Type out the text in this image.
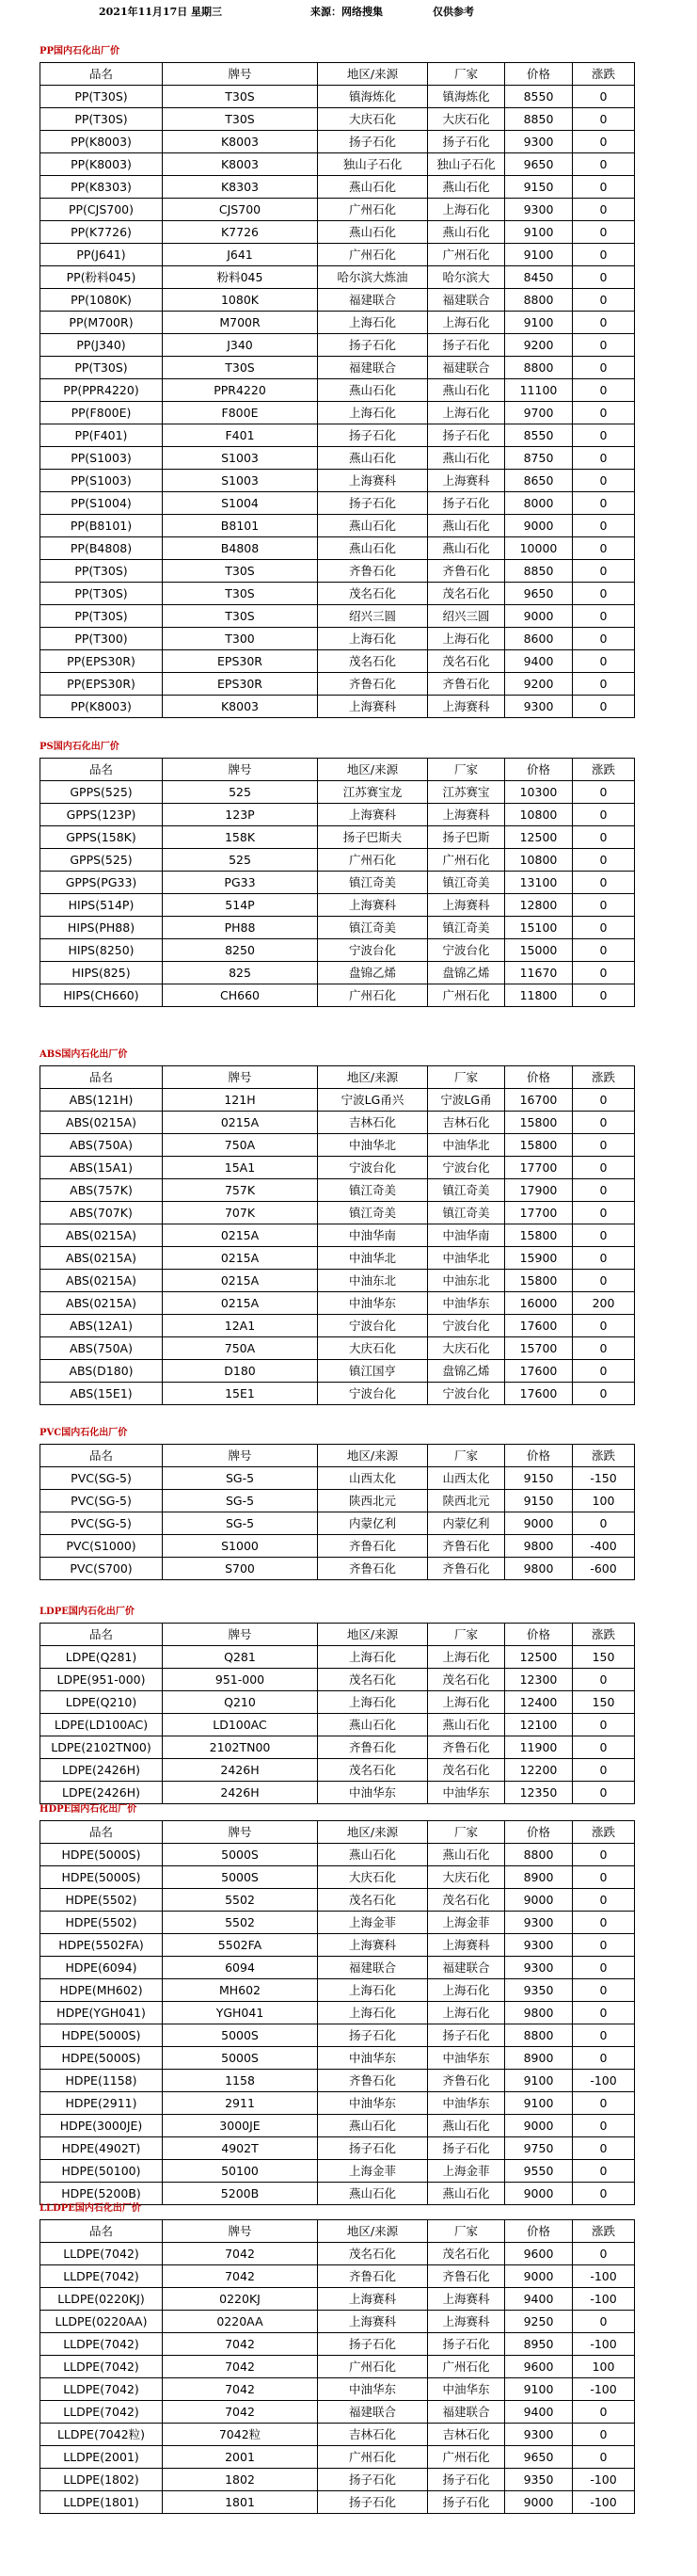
2021年11月17日 星期三	来源：网络搜集	仅供参考
PP国内石化出厂价
品名	牌号	地区/来源	厂家	价格	涨跌
PP(T30S)	T30S	镇海炼化	镇海炼化	8550	0
PP(T30S)	T30S	大庆石化	大庆石化	8850	0
PP(K8003)	K8003	扬子石化	扬子石化	9300	0
PP(K8003)	K8003	独山子石化	独山子石化	9650	0
PP(K8303)	K8303	燕山石化	燕山石化	9150	0
PP(CJS700)	CJS700	广州石化	上海石化	9300	0
PP(K7726)	K7726	燕山石化	燕山石化	9100	0
PP(J641)	J641	广州石化	广州石化	9100	0
PP(粉料045)	粉料045	哈尔滨大炼油	哈尔滨大	8450	0
PP(1080K)	1080K	福建联合	福建联合	8800	0
PP(M700R)	M700R	上海石化	上海石化	9100	0
PP(J340)	J340	扬子石化	扬子石化	9200	0
PP(T30S)	T30S	福建联合	福建联合	8800	0
PP(PPR4220)	PPR4220	燕山石化	燕山石化	11100	0
PP(F800E)	F800E	上海石化	上海石化	9700	0
PP(F401)	F401	扬子石化	扬子石化	8550	0
PP(S1003)	S1003	燕山石化	燕山石化	8750	0
PP(S1003)	S1003	上海赛科	上海赛科	8650	0
PP(S1004)	S1004	扬子石化	扬子石化	8000	0
PP(B8101)	B8101	燕山石化	燕山石化	9000	0
PP(B4808)	B4808	燕山石化	燕山石化	10000	0
PP(T30S)	T30S	齐鲁石化	齐鲁石化	8850	0
PP(T30S)	T30S	茂名石化	茂名石化	9650	0
PP(T30S)	T30S	绍兴三圆	绍兴三圆	9000	0
PP(T300)	T300	上海石化	上海石化	8600	0
PP(EPS30R)	EPS30R	茂名石化	茂名石化	9400	0
PP(EPS30R)	EPS30R	齐鲁石化	齐鲁石化	9200	0
PP(K8003)	K8003	上海赛科	上海赛科	9300	0
PS国内石化出厂价
品名	牌号	地区/来源	厂家	价格	涨跌
GPPS(525)	525	江苏赛宝龙	江苏赛宝	10300	0
GPPS(123P)	123P	上海赛科	上海赛科	10800	0
GPPS(158K)	158K	扬子巴斯夫	扬子巴斯	12500	0
GPPS(525)	525	广州石化	广州石化	10800	0
GPPS(PG33)	PG33	镇江奇美	镇江奇美	13100	0
HIPS(514P)	514P	上海赛科	上海赛科	12800	0
HIPS(PH88)	PH88	镇江奇美	镇江奇美	15100	0
HIPS(8250)	8250	宁波台化	宁波台化	15000	0
HIPS(825)	825	盘锦乙烯	盘锦乙烯	11670	0
HIPS(CH660)	CH660	广州石化	广州石化	11800	0
ABS国内石化出厂价
品名	牌号	地区/来源	厂家	价格	涨跌
ABS(121H)	121H	宁波LG甬兴	宁波LG甬	16700	0
ABS(0215A)	0215A	吉林石化	吉林石化	15800	0
ABS(750A)	750A	中油华北	中油华北	15800	0
ABS(15A1)	15A1	宁波台化	宁波台化	17700	0
ABS(757K)	757K	镇江奇美	镇江奇美	17900	0
ABS(707K)	707K	镇江奇美	镇江奇美	17700	0
ABS(0215A)	0215A	中油华南	中油华南	15800	0
ABS(0215A)	0215A	中油华北	中油华北	15900	0
ABS(0215A)	0215A	中油东北	中油东北	15800	0
ABS(0215A)	0215A	中油华东	中油华东	16000	200
ABS(12A1)	12A1	宁波台化	宁波台化	17600	0
ABS(750A)	750A	大庆石化	大庆石化	15700	0
ABS(D180)	D180	镇江国亨	盘锦乙烯	17600	0
ABS(15E1)	15E1	宁波台化	宁波台化	17600	0
PVC国内石化出厂价
品名	牌号	地区/来源	厂家	价格	涨跌
PVC(SG-5)	SG-5	山西太化	山西太化	9150	-150
PVC(SG-5)	SG-5	陕西北元	陕西北元	9150	100
PVC(SG-5)	SG-5	内蒙亿利	内蒙亿利	9000	0
PVC(S1000)	S1000	齐鲁石化	齐鲁石化	9800	-400
PVC(S700)	S700	齐鲁石化	齐鲁石化	9800	-600
LDPE国内石化出厂价
品名	牌号	地区/来源	厂家	价格	涨跌
LDPE(Q281)	Q281	上海石化	上海石化	12500	150
LDPE(951-000)	951-000	茂名石化	茂名石化	12300	0
LDPE(Q210)	Q210	上海石化	上海石化	12400	150
LDPE(LD100AC)	LD100AC	燕山石化	燕山石化	12100	0
LDPE(2102TN00)	2102TN00	齐鲁石化	齐鲁石化	11900	0
LDPE(2426H)	2426H	茂名石化	茂名石化	12200	0
LDPE(2426H)	2426H	中油华东	中油华东	12350	0
HDPE国内石化出厂价
品名	牌号	地区/来源	厂家	价格	涨跌
HDPE(5000S)	5000S	燕山石化	燕山石化	8800	0
HDPE(5000S)	5000S	大庆石化	大庆石化	8900	0
HDPE(5502)	5502	茂名石化	茂名石化	9000	0
HDPE(5502)	5502	上海金菲	上海金菲	9300	0
HDPE(5502FA)	5502FA	上海赛科	上海赛科	9300	0
HDPE(6094)	6094	福建联合	福建联合	9300	0
HDPE(MH602)	MH602	上海石化	上海石化	9350	0
HDPE(YGH041)	YGH041	上海石化	上海石化	9800	0
HDPE(5000S)	5000S	扬子石化	扬子石化	8800	0
HDPE(5000S)	5000S	中油华东	中油华东	8900	0
HDPE(1158)	1158	齐鲁石化	齐鲁石化	9100	-100
HDPE(2911)	2911	中油华东	中油华东	9100	0
HDPE(3000JE)	3000JE	燕山石化	燕山石化	9000	0
HDPE(4902T)	4902T	扬子石化	扬子石化	9750	0
HDPE(50100)	50100	上海金菲	上海金菲	9550	0
HDPE(5200B)	5200B	燕山石化	燕山石化	9000	0
LLDPE国内石化出厂价
品名	牌号	地区/来源	厂家	价格	涨跌
LLDPE(7042)	7042	茂名石化	茂名石化	9600	0
LLDPE(7042)	7042	齐鲁石化	齐鲁石化	9000	-100
LLDPE(0220KJ)	0220KJ	上海赛科	上海赛科	9400	-100
LLDPE(0220AA)	0220AA	上海赛科	上海赛科	9250	0
LLDPE(7042)	7042	扬子石化	扬子石化	8950	-100
LLDPE(7042)	7042	广州石化	广州石化	9600	100
LLDPE(7042)	7042	中油华东	中油华东	9100	-100
LLDPE(7042)	7042	福建联合	福建联合	9400	0
LLDPE(7042粒)	7042粒	吉林石化	吉林石化	9300	0
LLDPE(2001)	2001	广州石化	广州石化	9650	0
LLDPE(1802)	1802	扬子石化	扬子石化	9350	-100
LLDPE(1801)	1801	扬子石化	扬子石化	9000	-100
